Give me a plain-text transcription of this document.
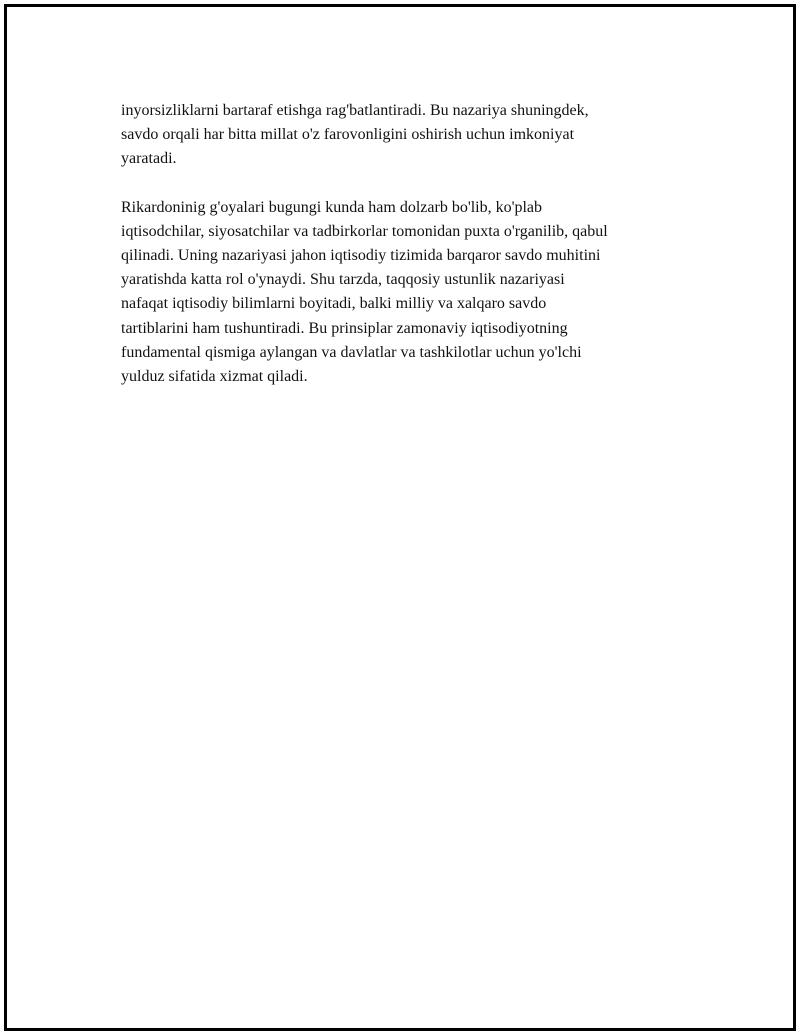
inyorsizliklarni bartaraf etishga rag'batlantiradi. Bu nazariya shuningdek,
savdo orqali har bitta millat o'z farovonligini oshirish uchun imkoniyat
yaratadi.

Rikardoninig g'oyalari bugungi kunda ham dolzarb bo'lib, ko'plab
iqtisodchilar, siyosatchilar va tadbirkorlar tomonidan puxta o'rganilib, qabul
qilinadi. Uning nazariyasi jahon iqtisodiy tizimida barqaror savdo muhitini
yaratishda katta rol o'ynaydi. Shu tarzda, taqqosiy ustunlik nazariyasi
nafaqat iqtisodiy bilimlarni boyitadi, balki milliy va xalqaro savdo
tartiblarini ham tushuntiradi. Bu prinsiplar zamonaviy iqtisodiyotning
fundamental qismiga aylangan va davlatlar va tashkilotlar uchun yo'lchi
yulduz sifatida xizmat qiladi.
